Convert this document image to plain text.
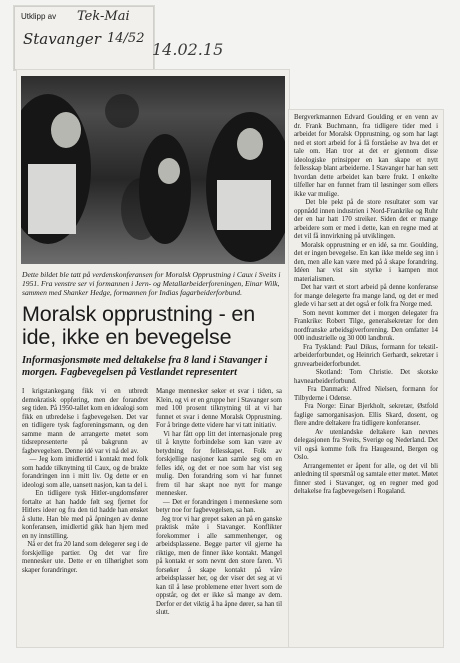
Utklipp av Tek-Mai
Stavanger 14/52
14.02.15
Dette bildet ble tatt på verdenskonferansen for Moralsk Opprustning i Caux i Sveits i 1951. Fra venstre ser vi formannen i Jern- og Metallarbeiderforeningen, Einar Wilk, sammen med Shanker Hedge, formannen for Indias fagarbeiderforbund.
Moralsk opprustning - en ide, ikke en bevegelse
Informasjonsmøte med deltakelse fra 8 land i Stavanger i morgen. Fagbevegelsen på Vestlandet representert
I krigstankegang fikk vi en utbredt demokratisk oppføring, men der forandret seg tiden. På 1950-tallet kom en idealogi som fikk en utbredelse i fagbevegelsen. Det var en tidligere tysk fagforeningsmann, og den samme mann de arrangerte møtet som tidsrepresenterte på bakgrunn av fagbevegelsen. Denne idé var vi nå del av.
— Jeg kom imidlertid i kontakt med folk som hadde tilknytning til Caux, og de brakte forandringen inn i mitt liv. Og dette er en ideologi som alle, uansett nasjon, kan ta del i.
En tidligere tysk Hitler-ungdomsfører fortalte at han hadde følt seg fjernet for Hitlers ideer og fra den tid hadde han ønsket å slutte. Han ble med på åpningen av denne konferansen, imidlertid gikk han hjem med en ny innstilling.
Nå er det fra 20 land som delegerer seg i de forskjellige partier. Og det var fire mennesker ute. Dette er en tilhørighet som skaper forandringer.
Mange mennesker søker et svar i tiden, sa Klein, og vi er en gruppe her i Stavanger som med 100 prosent tilknytning til at vi har funnet et svar i denne Moralsk Opprustning. For å bringe dette videre har vi tatt initiativ.
Vi har fått opp litt det internasjonale preg til å knytte forbindelse som kan være av betydning for fellesskapet. Folk av forskjellige nasjoner kan samle seg om en felles idé, og det er noe som har vist seg mulig. Den forandring som vi har funnet frem til har skapt noe nytt for mange mennesker.
— Det er forandringen i menneskene som betyr noe for fagbevegelsen, sa han.
Jeg tror vi har grepet saken an på en ganske praktisk måte i Stavanger. Konflikter forekommer i alle sammenhenger, og arbeidsplassene. Begge parter vil gjerne ha riktige, men de finner ikke kontakt. Mangel på kontakt er som nevnt den store faren. Vi forsøker å skape kontakt på våre arbeidsplasser her, og der viser det seg at vi kan til å løse problemene etter hvert som de oppstår, og det er ikke så mange av dem. Derfor er det viktig å ha åpne dører, sa han til slutt.
Bergverkmannen Edvard Goulding er en venn av dr. Frank Buchmann, fra tidligere tider med i arbeidet for Moralsk Opprustning, og som har lagt ned et stort arbeid for å få forståelse av hva det er tale om. Han tror at det er gjennom disse ideologiske prinsipper en kan skape et nytt fellesskap blant arbeiderne. I Stavanger har han sett hvordan dette arbeidet kan bære frukt. I enkelte tilfeller har en funnet fram til løsninger som ellers ikke var mulige.
Det ble pekt på de store resultater som var oppnådd innen industrien i Nord-Frankrike og Ruhr der en har hatt 170 streiker. Siden det er mange arbeidere som er med i dette, kan en regne med at det vil få innvirkning på utviklingen.
Moralsk opprustning er en idé, sa mr. Goulding, det er ingen bevegelse. En kan ikke melde seg inn i den, men alle kan være med på å skape forandring. Idéen har vist sin styrke i kampen mot materialismen.
Det har vært et stort arbeid på denne konferanse for mange delegerte fra mange land, og det er med glede vi har sett at det også er folk fra Norge med.
Som nevnt kommer det i morgen delegater fra Frankrike: Robert Tilge, generalsekretær for den nordfranske arbeidsgiverforening. Den omfatter 14 000 industrielle og 30 000 landbruk.
Fra Tyskland: Paul Dikus, formann for tekstil-arbeiderforbundet, og Heinrich Gerhardt, sekretær i gruvearbeiderforbundet.
Skotland: Tom Christie. Det skotske havnearbeiderforbund.
Fra Danmark: Alfred Nielsen, formann for Tilbyderne i Odense.
Fra Norge: Einar Bjerkholt, sekretær, Østfold faglige samorganisasjon. Ellis Skard, dosent, og flere andre deltakere fra tidligere konferanser.
Av utenlandske deltakere kan nevnes delegasjonen fra Sveits, Sverige og Nederland. Det vil også komme folk fra Haugesund, Bergen og Oslo.
Arrangementet er åpent for alle, og det vil bli anledning til spørsmål og samtale etter møtet. Møtet finner sted i Stavanger, og en regner med god deltakelse fra fagbevegelsen i Rogaland.
